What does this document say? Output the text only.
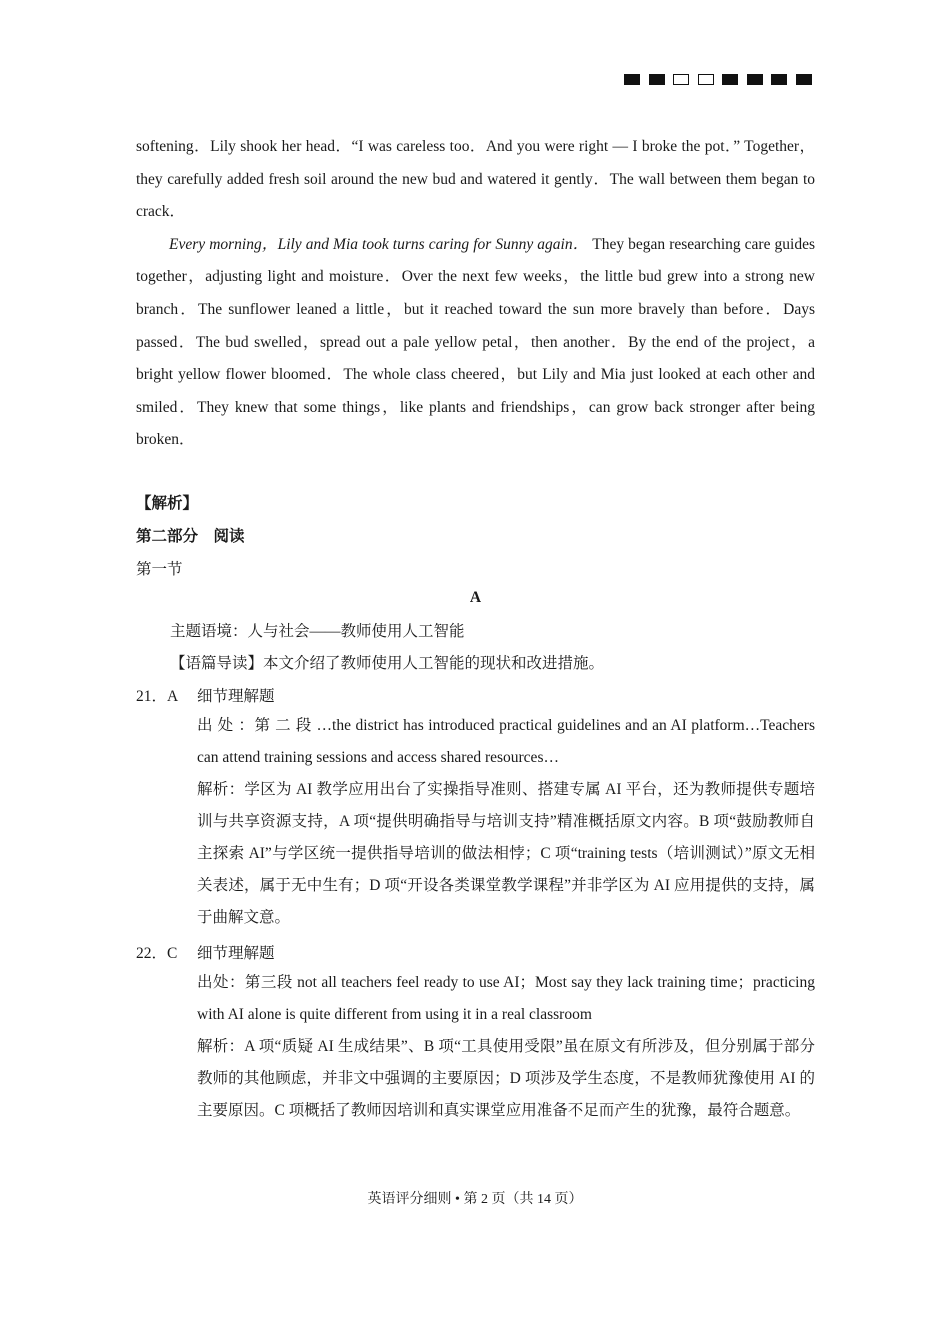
softening．Lily shook her head．“I was careless too．And you were right — I broke the pot．” Together，they carefully added fresh soil around the new bud and watered it gently．The wall between them began to crack．

Every morning，Lily and Mia took turns caring for Sunny again． They began researching care guides together，adjusting light and moisture．Over the next few weeks，the little bud grew into a strong new branch．The sunflower leaned a little，but it reached toward the sun more bravely than before．Days passed．The bud swelled，spread out a pale yellow petal，then another．By the end of the project，a bright yellow flower bloomed．The whole class cheered，but Lily and Mia just looked at each other and smiled．They knew that some things，like plants and friendships，can grow back stronger after being broken．

【解析】
第二部分　阅读
第一节
A
主题语境：人与社会——教师使用人工智能
【语篇导读】本文介绍了教师使用人工智能的现状和改进措施。
21．A 细节理解题

出 处 ：第 二 段 …the district has introduced practical guidelines and an AI platform…Teachers can attend training sessions and access shared resources…

解析：学区为 AI 教学应用出台了实操指导准则、搭建专属 AI 平台，还为教师提供专题培训与共享资源支持，A 项“提供明确指导与培训支持”精准概括原文内容。B 项“鼓励教师自主探索 AI”与学区统一提供指导培训的做法相悖；C 项“training tests（培训测试）”原文无相关表述，属于无中生有；D 项“开设各类课堂教学课程”并非学区为 AI 应用提供的支持，属于曲解文意。

22．C 细节理解题

出处：第三段 not all teachers feel ready to use AI；Most say they lack training time；practicing with AI alone is quite different from using it in a real classroom

解析：A 项“质疑 AI 生成结果”、B 项“工具使用受限”虽在原文有所涉及，但分别属于部分教师的其他顾虑，并非文中强调的主要原因；D 项涉及学生态度，不是教师犹豫使用 AI 的主要原因。C 项概括了教师因培训和真实课堂应用准备不足而产生的犹豫，最符合题意。

英语评分细则 • 第 2 页（共 14 页）
